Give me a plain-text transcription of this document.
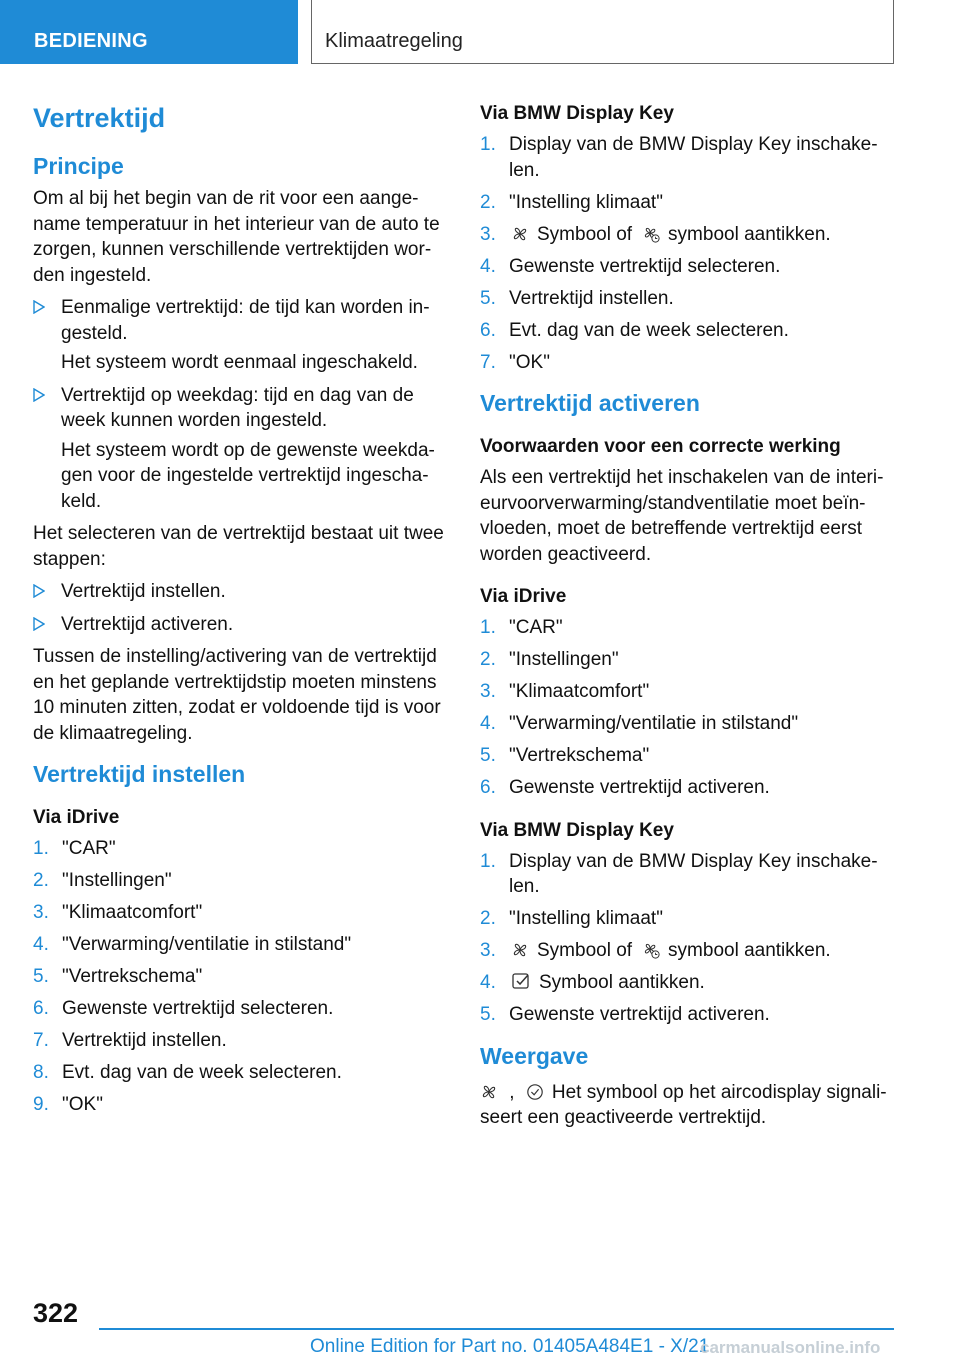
BEDIENING	Klimaatregeling
Vertrektijd
Principe

Om al bij het begin van de rit voor een aange-name temperatuur in het interieur van de auto te zorgen, kunnen verschillende vertrektijden wor-den ingesteld.

Eenmalige vertrektijd: de tijd kan worden in-gesteld.
Het systeem wordt eenmaal ingeschakeld.
Vertrektijd op weekdag: tijd en dag van de week kunnen worden ingesteld.
Het systeem wordt op de gewenste weekda-gen voor de ingestelde vertrektijd ingescha-keld.

Het selecteren van de vertrektijd bestaat uit twee stappen:

Vertrektijd instellen.
Vertrektijd activeren.

Tussen de instelling/activering van de vertrektijd en het geplande vertrektijdstip moeten minstens 10 minuten zitten, zodat er voldoende tijd is voor de klimaatregeling.

Vertrektijd instellen
Via iDrive
1. "CAR"
2. "Instellingen"
3. "Klimaatcomfort"
4. "Verwarming/ventilatie in stilstand"
5. "Vertrekschema"
6. Gewenste vertrektijd selecteren.
7. Vertrektijd instellen.
8. Evt. dag van de week selecteren.
9. "OK"
Via BMW Display Key
1. Display van de BMW Display Key inschake-len.
2. "Instelling klimaat"
3. Symbool of symbool aantikken.
4. Gewenste vertrektijd selecteren.
5. Vertrektijd instellen.
6. Evt. dag van de week selecteren.
7. "OK"
Vertrektijd activeren
Voorwaarden voor een correcte werking

Als een vertrektijd het inschakelen van de interi-eurvoorverwarming/standventilatie moet beïn-vloeden, moet de betreffende vertrektijd eerst worden geactiveerd.

Via iDrive
1. "CAR"
2. "Instellingen"
3. "Klimaatcomfort"
4. "Verwarming/ventilatie in stilstand"
5. "Vertrekschema"
6. Gewenste vertrektijd activeren.
Via BMW Display Key
1. Display van de BMW Display Key inschake-len.
2. "Instelling klimaat"
3. Symbool of symbool aantikken.
4. Symbool aantikken.
5. Gewenste vertrektijd activeren.
Weergave

, Het symbool op het aircodisplay signali-seert een geactiveerde vertrektijd.

322
Online Edition for Part no. 01405A484E1 - X/21
carmanualsonline.info
